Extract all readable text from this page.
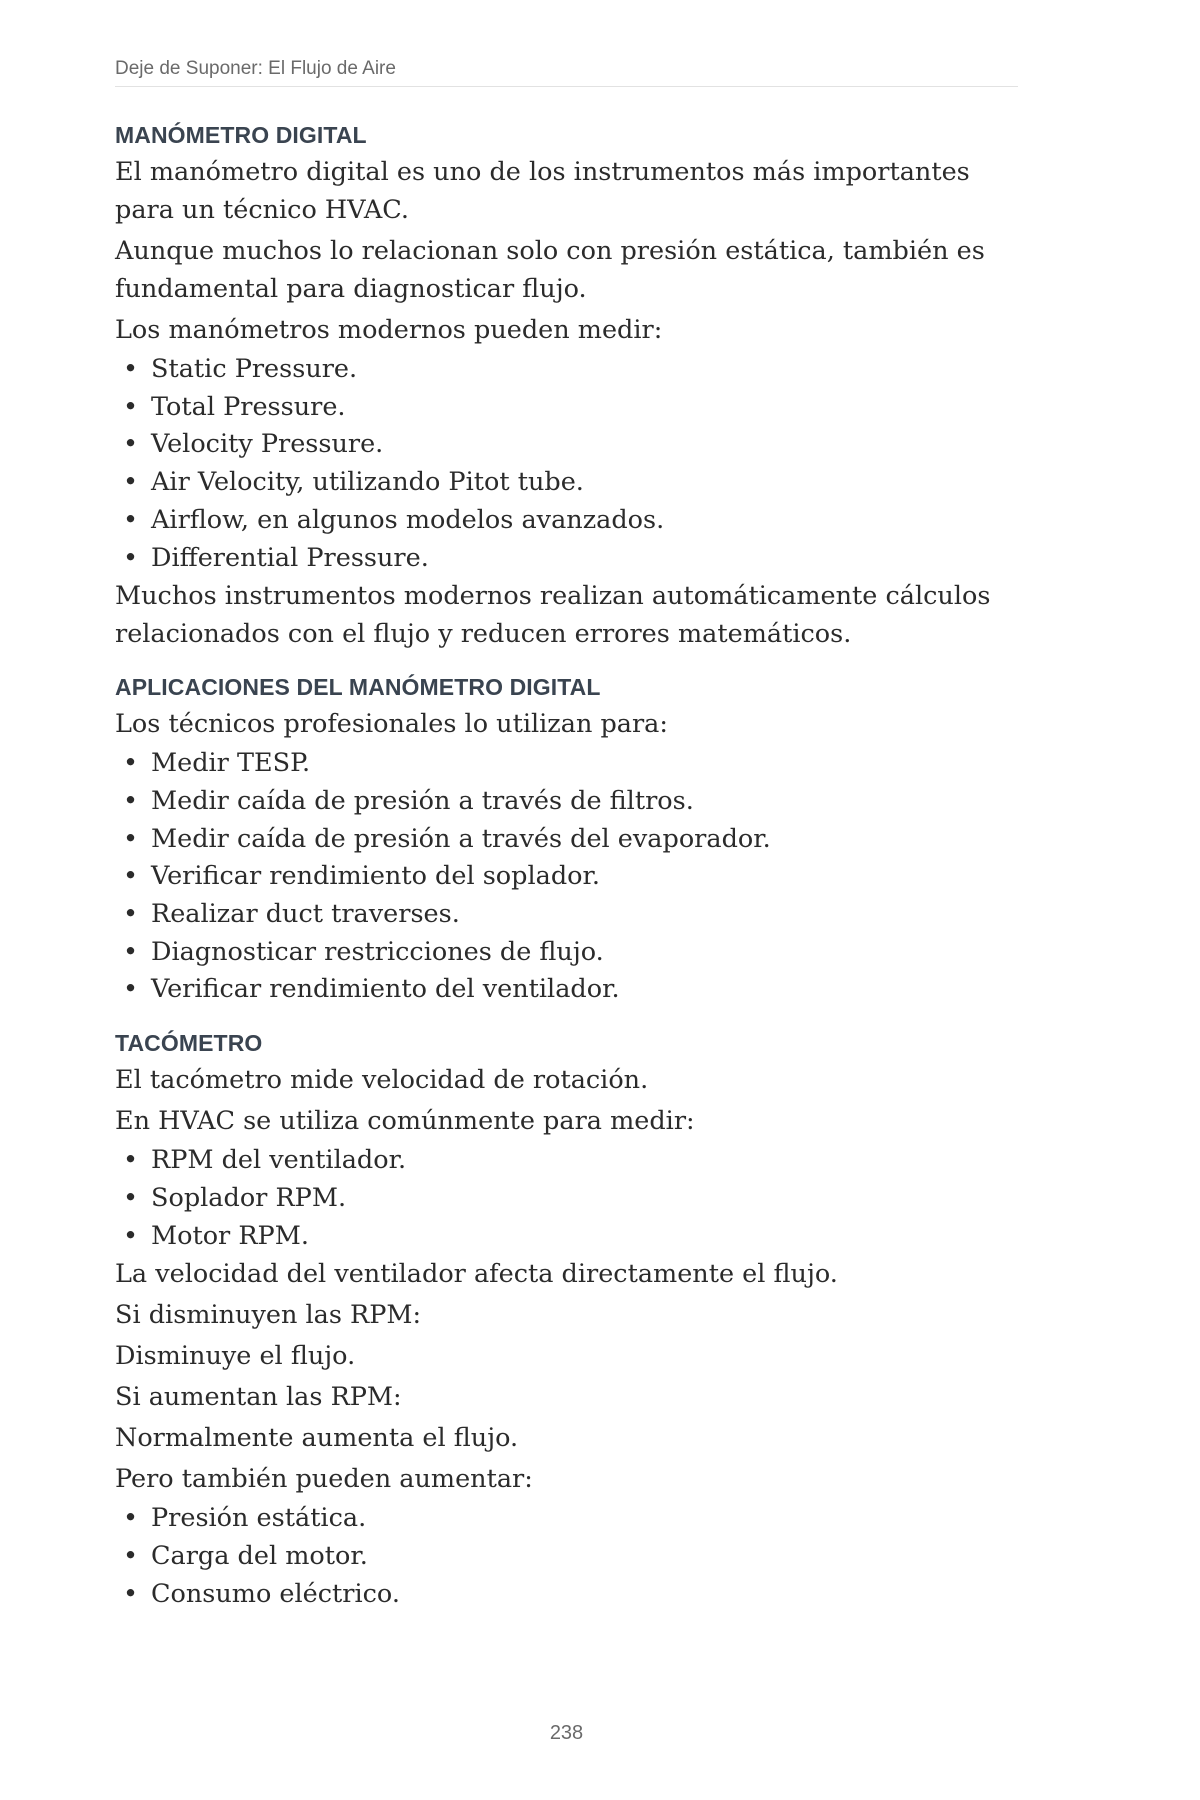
Deje de Suponer: El Flujo de Aire
MANÓMETRO DIGITAL

El manómetro digital es uno de los instrumentos más importantes para un técnico HVAC.

Aunque muchos lo relacionan solo con presión estática, también es fundamental para diagnosticar flujo.

Los manómetros modernos pueden medir:

• Static Pressure.
• Total Pressure.
• Velocity Pressure.
• Air Velocity, utilizando Pitot tube.
• Airflow, en algunos modelos avanzados.
• Differential Pressure.

Muchos instrumentos modernos realizan automáticamente cálculos relacionados con el flujo y reducen errores matemáticos.

APLICACIONES DEL MANÓMETRO DIGITAL

Los técnicos profesionales lo utilizan para:

• Medir TESP.
• Medir caída de presión a través de filtros.
• Medir caída de presión a través del evaporador.
• Verificar rendimiento del soplador.
• Realizar duct traverses.
• Diagnosticar restricciones de flujo.
• Verificar rendimiento del ventilador.
TACÓMETRO

El tacómetro mide velocidad de rotación.

En HVAC se utiliza comúnmente para medir:

• RPM del ventilador.
• Soplador RPM.
• Motor RPM.

La velocidad del ventilador afecta directamente el flujo.

Si disminuyen las RPM:

Disminuye el flujo.

Si aumentan las RPM:

Normalmente aumenta el flujo.

Pero también pueden aumentar:

• Presión estática.
• Carga del motor.
• Consumo eléctrico.
238
